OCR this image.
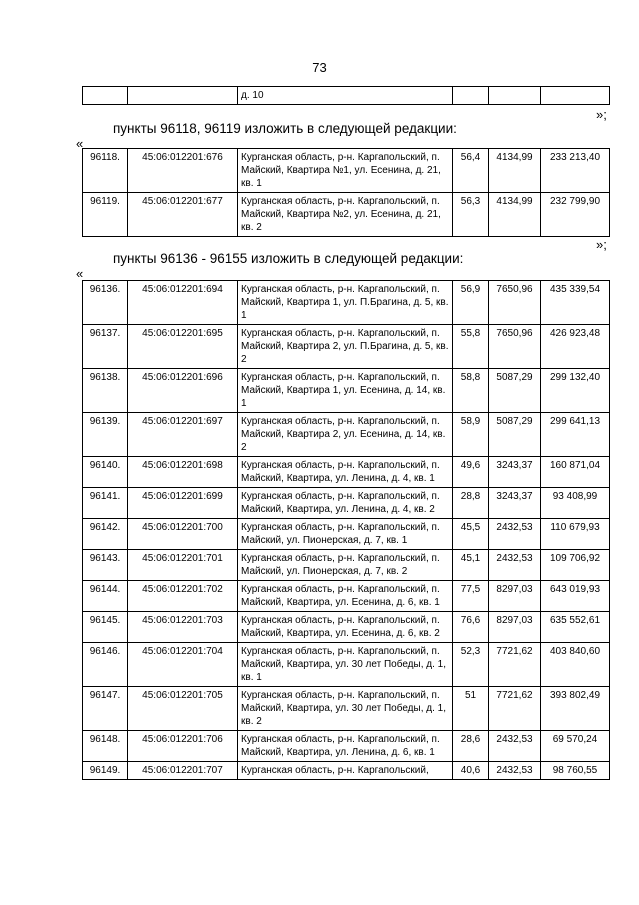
73
		д. 10			
»;
пункты 96118, 96119 изложить в следующей редакции:
«
96118.	45:06:012201:676	Курганская область, р-н. Каргапольский, п. Майский, Квартира №1, ул. Есенина, д. 21, кв. 1	56,4	4134,99	233 213,40
96119.	45:06:012201:677	Курганская область, р-н. Каргапольский, п. Майский, Квартира №2, ул. Есенина, д. 21, кв. 2	56,3	4134,99	232 799,90
»;
пункты 96136 - 96155 изложить в следующей редакции:
«
96136.	45:06:012201:694	Курганская область, р-н. Каргапольский, п. Майский, Квартира 1, ул. П.Брагина, д. 5, кв. 1	56,9	7650,96	435 339,54
96137.	45:06:012201:695	Курганская область, р-н. Каргапольский, п. Майский, Квартира 2, ул. П.Брагина, д. 5, кв. 2	55,8	7650,96	426 923,48
96138.	45:06:012201:696	Курганская область, р-н. Каргапольский, п. Майский, Квартира 1, ул. Есенина, д. 14, кв. 1	58,8	5087,29	299 132,40
96139.	45:06:012201:697	Курганская область, р-н. Каргапольский, п. Майский, Квартира 2, ул. Есенина, д. 14, кв. 2	58,9	5087,29	299 641,13
96140.	45:06:012201:698	Курганская область, р-н. Каргапольский, п. Майский, Квартира, ул. Ленина, д. 4, кв. 1	49,6	3243,37	160 871,04
96141.	45:06:012201:699	Курганская область, р-н. Каргапольский, п. Майский, Квартира, ул. Ленина, д. 4, кв. 2	28,8	3243,37	93 408,99
96142.	45:06:012201:700	Курганская область, р-н. Каргапольский, п. Майский, ул. Пионерская, д. 7, кв. 1	45,5	2432,53	110 679,93
96143.	45:06:012201:701	Курганская область, р-н. Каргапольский, п. Майский, ул. Пионерская, д. 7, кв. 2	45,1	2432,53	109 706,92
96144.	45:06:012201:702	Курганская область, р-н. Каргапольский, п. Майский, Квартира, ул. Есенина, д. 6, кв. 1	77,5	8297,03	643 019,93
96145.	45:06:012201:703	Курганская область, р-н. Каргапольский, п. Майский, Квартира, ул. Есенина, д. 6, кв. 2	76,6	8297,03	635 552,61
96146.	45:06:012201:704	Курганская область, р-н. Каргапольский, п. Майский, Квартира, ул. 30 лет Победы, д. 1, кв. 1	52,3	7721,62	403 840,60
96147.	45:06:012201:705	Курганская область, р-н. Каргапольский, п. Майский, Квартира, ул. 30 лет Победы, д. 1, кв. 2	51	7721,62	393 802,49
96148.	45:06:012201:706	Курганская область, р-н. Каргапольский, п. Майский, Квартира, ул. Ленина, д. 6, кв. 1	28,6	2432,53	69 570,24
96149.	45:06:012201:707	Курганская область, р-н. Каргапольский,	40,6	2432,53	98 760,55
